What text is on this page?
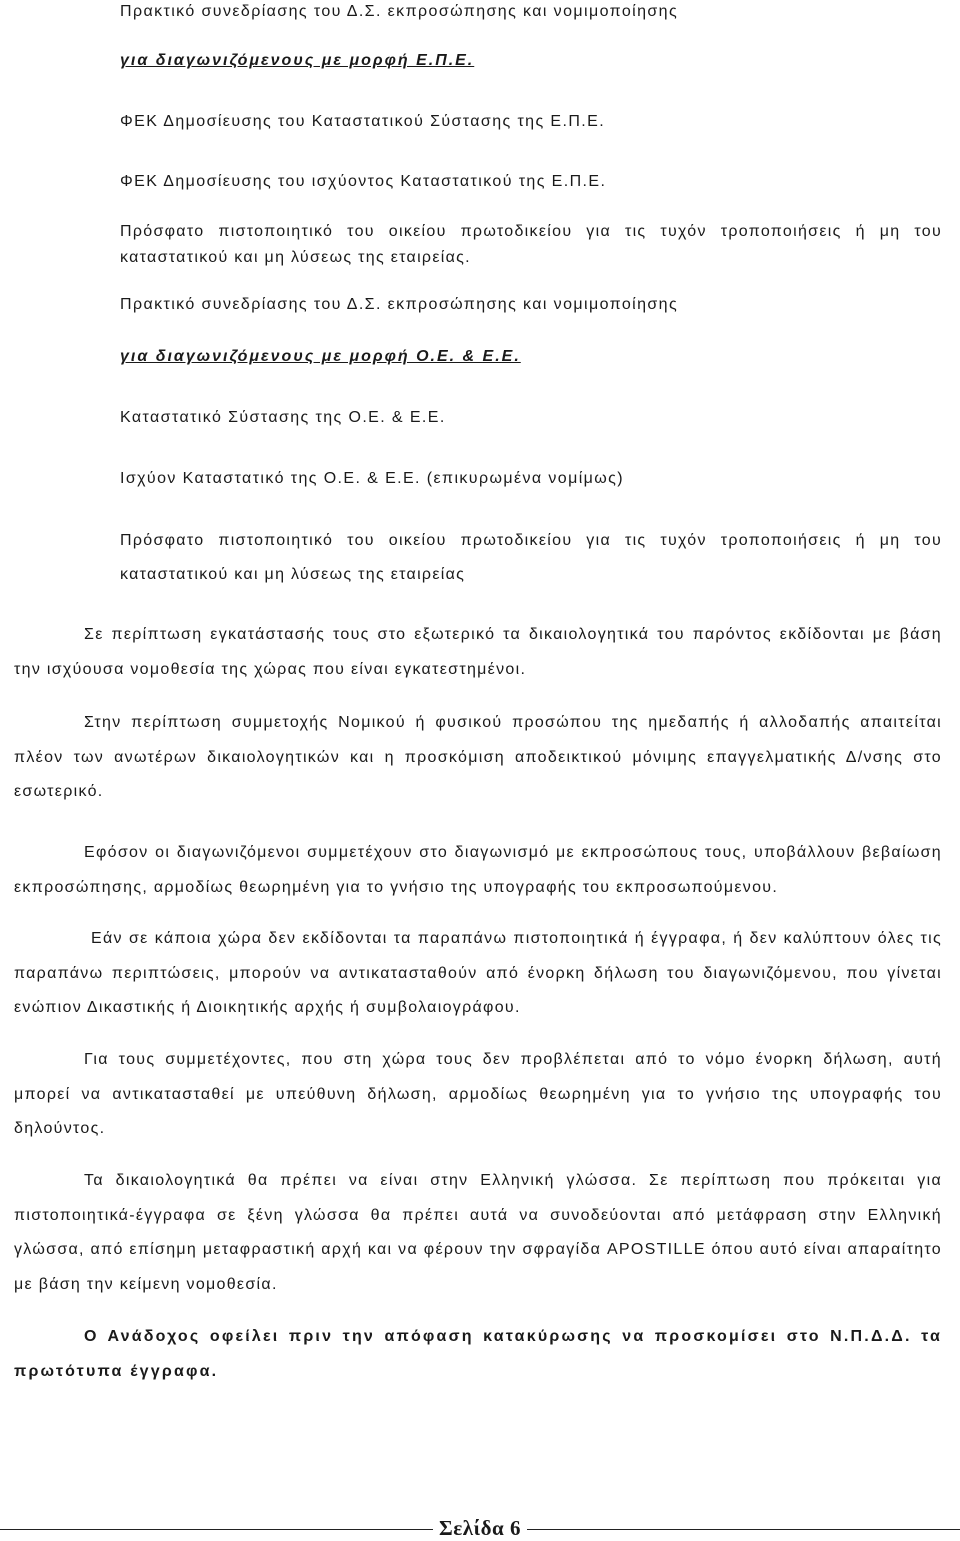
Πρακτικό συνεδρίασης του Δ.Σ. εκπροσώπησης και νομιμοποίησης
για διαγωνιζόμενους με μορφή Ε.Π.Ε.
ΦΕΚ Δημοσίευσης του Καταστατικού Σύστασης της Ε.Π.Ε.
ΦΕΚ Δημοσίευσης του ισχύοντος Καταστατικού της Ε.Π.Ε.

Πρόσφατο πιστοποιητικό του οικείου πρωτοδικείου για τις τυχόν τροποποιήσεις ή μη του καταστατικού και μη λύσεως της εταιρείας.

Πρακτικό συνεδρίασης του Δ.Σ. εκπροσώπησης και νομιμοποίησης
για διαγωνιζόμενους με μορφή Ο.Ε. & Ε.Ε.
Καταστατικό Σύστασης της Ο.Ε. & Ε.Ε.
Ισχύον Καταστατικό της Ο.Ε. & Ε.Ε. (επικυρωμένα νομίμως)

Πρόσφατο πιστοποιητικό του οικείου πρωτοδικείου για τις τυχόν τροποποιήσεις ή μη του καταστατικού και μη λύσεως της εταιρείας

Σε περίπτωση εγκατάστασής τους στο εξωτερικό τα δικαιολογητικά του παρόντος εκδίδονται με βάση την ισχύουσα νομοθεσία της χώρας που είναι εγκατεστημένοι.

Στην περίπτωση συμμετοχής Νομικού ή φυσικού προσώπου της ημεδαπής ή αλλοδαπής απαιτείται πλέον των ανωτέρων δικαιολογητικών και η προσκόμιση αποδεικτικού μόνιμης επαγγελματικής Δ/νσης στο εσωτερικό.

Εφόσον οι διαγωνιζόμενοι συμμετέχουν στο διαγωνισμό με εκπροσώπους τους, υποβάλλουν βεβαίωση εκπροσώπησης, αρμοδίως θεωρημένη για το γνήσιο της υπογραφής του εκπροσωπούμενου.

Εάν σε κάποια χώρα δεν εκδίδονται τα παραπάνω πιστοποιητικά ή έγγραφα, ή δεν καλύπτουν όλες τις παραπάνω περιπτώσεις, μπορούν να αντικατασταθούν από ένορκη δήλωση του διαγωνιζόμενου, που γίνεται ενώπιον Δικαστικής ή Διοικητικής αρχής ή συμβολαιογράφου.

Για τους συμμετέχοντες, που στη χώρα τους δεν προβλέπεται από το νόμο ένορκη δήλωση, αυτή μπορεί να αντικατασταθεί με υπεύθυνη δήλωση, αρμοδίως θεωρημένη για το γνήσιο της υπογραφής του δηλούντος.

Τα δικαιολογητικά θα πρέπει να είναι στην Ελληνική γλώσσα. Σε περίπτωση που πρόκειται για πιστοποιητικά-έγγραφα σε ξένη γλώσσα θα πρέπει αυτά να συνοδεύονται από μετάφραση στην Ελληνική γλώσσα, από επίσημη μεταφραστική αρχή και να φέρουν την σφραγίδα APOSTILLE όπου αυτό είναι απαραίτητο με βάση την κείμενη νομοθεσία.

Ο Ανάδοχος οφείλει πριν την απόφαση κατακύρωσης να προσκομίσει στο Ν.Π.Δ.Δ. τα πρωτότυπα έγγραφα.

Σελίδα 6
